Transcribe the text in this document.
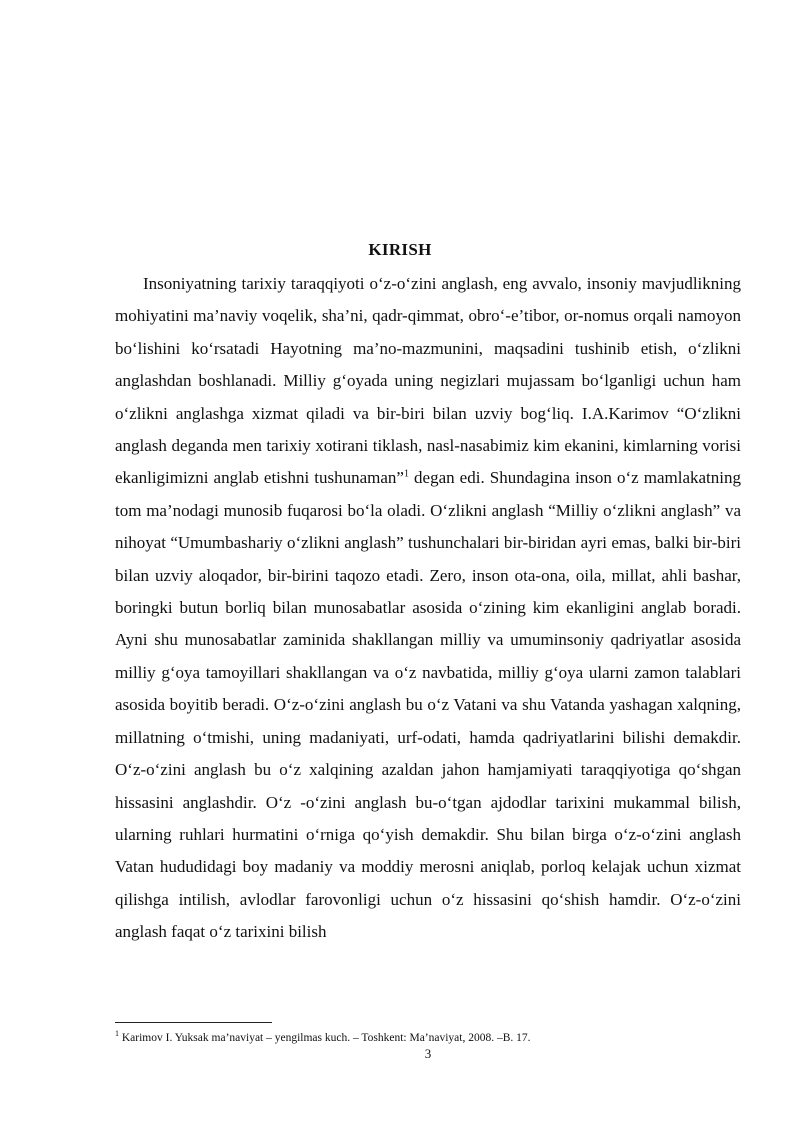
KIRISH
Insoniyatning tarixiy taraqqiyoti o‘z-o‘zini anglash, eng avvalo, insoniy mavjudlikning mohiyatini ma’naviy voqelik, sha’ni, qadr-qimmat, obro‘-e’tibor, or-nomus orqali namoyon bo‘lishini ko‘rsatadi Hayotning ma’no-mazmunini, maqsadini tushinib etish, o‘zlikni anglashdan boshlanadi. Milliy g‘oyada uning negizlari mujassam bo‘lganligi uchun ham o‘zlikni anglashga xizmat qiladi va bir-biri bilan uzviy bog‘liq. I.A.Karimov “O‘zlikni anglash deganda men tarixiy xotirani tiklash, nasl-nasabimiz kim ekanini, kimlarning vorisi ekanligimizni anglab etishni tushunaman”$^1$ degan edi. Shundagina inson o‘z mamlakatning tom ma’nodagi munosib fuqarosi bo‘la oladi. O‘zlikni anglash “Milliy o‘zlikni anglash” va nihoyat “Umumbashariy o‘zlikni anglash” tushunchalari bir-biridan ayri emas, balki bir-biri bilan uzviy aloqador, bir-birini taqozo etadi. Zero, inson ota-ona, oila, millat, ahli bashar, boringki butun borliq bilan munosabatlar asosida o‘zining kim ekanligini anglab boradi. Ayni shu munosabatlar zaminida shakllangan milliy va umuminsoniy qadriyatlar asosida milliy g‘oya tamoyillari shakllangan va o‘z navbatida, milliy g‘oya ularni zamon talablari asosida boyitib beradi. O‘z-o‘zini anglash bu o‘z Vatani va shu Vatanda yashagan xalqning, millatning o‘tmishi, uning madaniyati, urf-odati, hamda qadriyatlarini bilishi demakdir. O‘z-o‘zini anglash bu o‘z xalqining azaldan jahon hamjamiyati taraqqiyotiga qo‘shgan hissasini anglashdir. O‘z -o‘zini anglash bu-o‘tgan ajdodlar tarixini mukammal bilish, ularning ruhlari hurmatini o‘rniga qo‘yish demakdir. Shu bilan birga o‘z-o‘zini anglash Vatan hududidagi boy madaniy va moddiy merosni aniqlab, porloq kelajak uchun xizmat qilishga intilish, avlodlar farovonligi uchun o‘z hissasini qo‘shish hamdir. O‘z-o‘zini anglash faqat o‘z tarixini bilish
$^1$ Karimov I. Yuksak ma’naviyat – yengilmas kuch. – Toshkent: Ma’naviyat, 2008. –B. 17.
3
